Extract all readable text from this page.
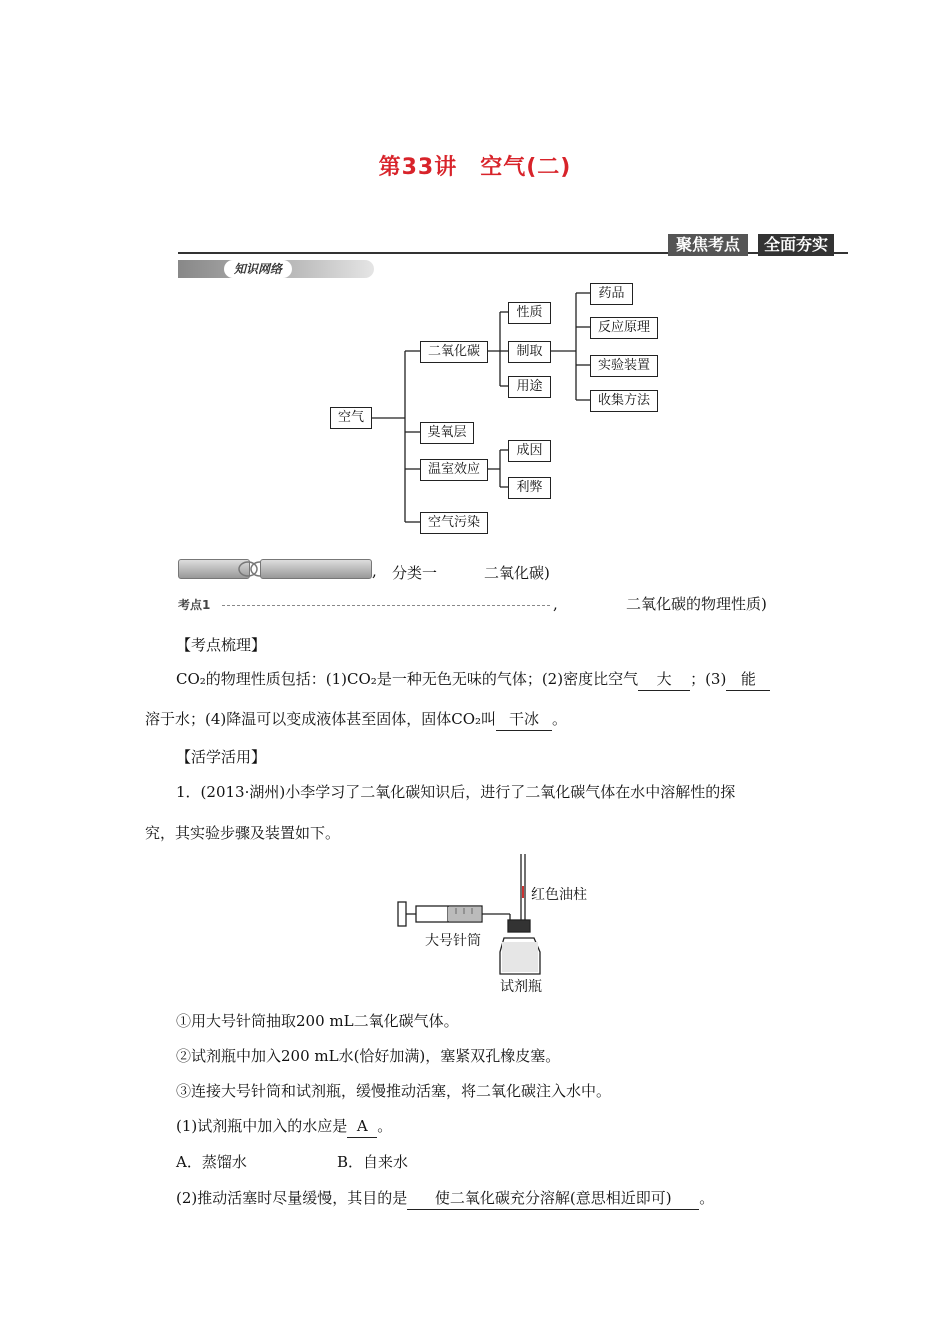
第33讲　空气(二)
聚焦考点	全面夯实
知识网络
空气
二氧化碳
臭氧层
温室效应
空气污染
性质
制取
用途
药品
反应原理
实验装置
收集方法
成因
利弊
, 分类一	二氧化碳)
考点1	,	二氧化碳的物理性质)
【考点梳理】
CO₂的物理性质包括：(1)CO₂是一种无色无味的气体；(2)密度比空气 大 ；(3) 能
溶于水；(4)降温可以变成液体甚至固体，固体CO₂叫 干冰 。
【活学活用】
1．(2013·湖州)小李学习了二氧化碳知识后，进行了二氧化碳气体在水中溶解性的探
究，其实验步骤及装置如下。
红色油柱
大号针筒
试剂瓶
①用大号针筒抽取200 mL二氧化碳气体。
②试剂瓶中加入200 mL水(恰好加满)，塞紧双孔橡皮塞。
③连接大号针筒和试剂瓶，缓慢推动活塞，将二氧化碳注入水中。
(1)试剂瓶中加入的水应是 A 。
A．蒸馏水	B．自来水
(2)推动活塞时尽量缓慢，其目的是 使二氧化碳充分溶解(意思相近即可) 。
